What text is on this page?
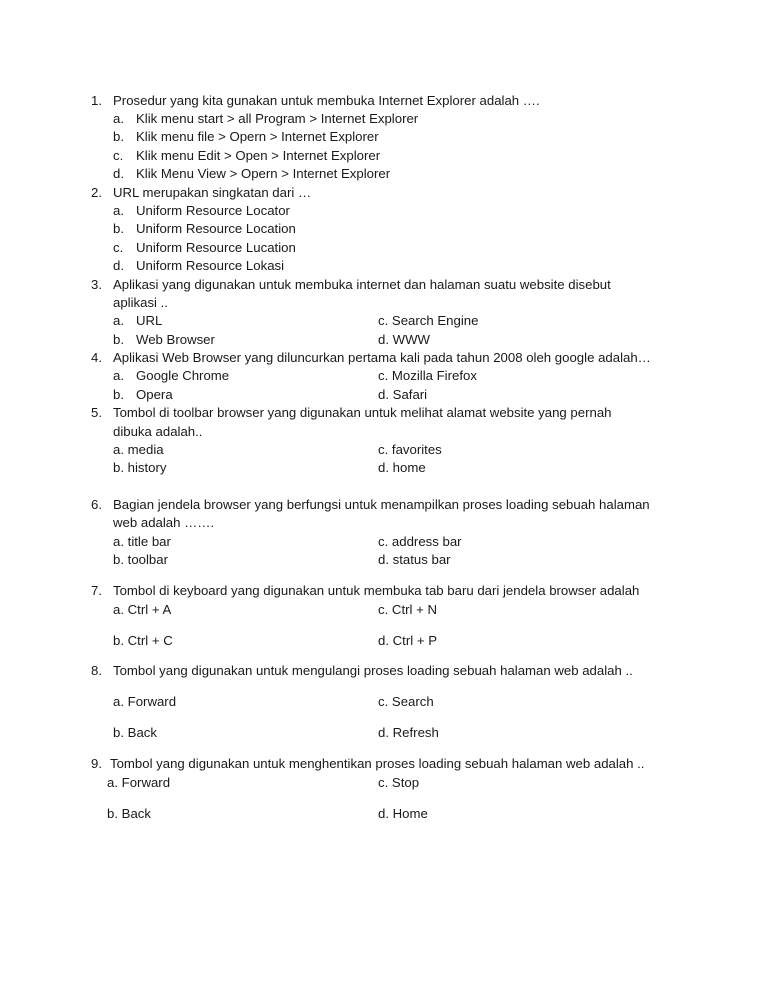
1. Prosedur yang kita gunakan untuk membuka Internet Explorer adalah ….
a. Klik menu start > all Program > Internet Explorer
b. Klik menu file > Opern > Internet Explorer
c. Klik menu Edit > Open > Internet Explorer
d. Klik Menu View > Opern > Internet Explorer
2. URL merupakan singkatan dari …
a. Uniform Resource Locator
b. Uniform Resource Location
c. Uniform Resource Lucation
d. Uniform Resource Lokasi
3. Aplikasi yang digunakan untuk membuka internet dan halaman suatu website disebut
aplikasi ..
a. URL	c. Search Engine
b. Web Browser	d. WWW
4. Aplikasi Web Browser yang diluncurkan pertama kali pada tahun 2008 oleh google adalah…
a. Google Chrome	c. Mozilla Firefox
b. Opera	d. Safari
5. Tombol di toolbar browser yang digunakan untuk melihat alamat website yang pernah
dibuka adalah..
a. media	c. favorites
b. history	d. home
6. Bagian jendela browser yang berfungsi untuk menampilkan proses loading sebuah halaman
web adalah …….
a. title bar	c. address bar
b. toolbar	d. status bar
7. Tombol di keyboard yang digunakan untuk membuka tab baru dari jendela browser adalah
a. Ctrl + A	c. Ctrl + N
b. Ctrl + C	d. Ctrl + P
8. Tombol yang digunakan untuk mengulangi proses loading sebuah halaman web adalah ..
a. Forward	c. Search
b. Back	d. Refresh
9. Tombol yang digunakan untuk menghentikan proses loading sebuah halaman web adalah ..
a. Forward	c. Stop
b. Back	d. Home
